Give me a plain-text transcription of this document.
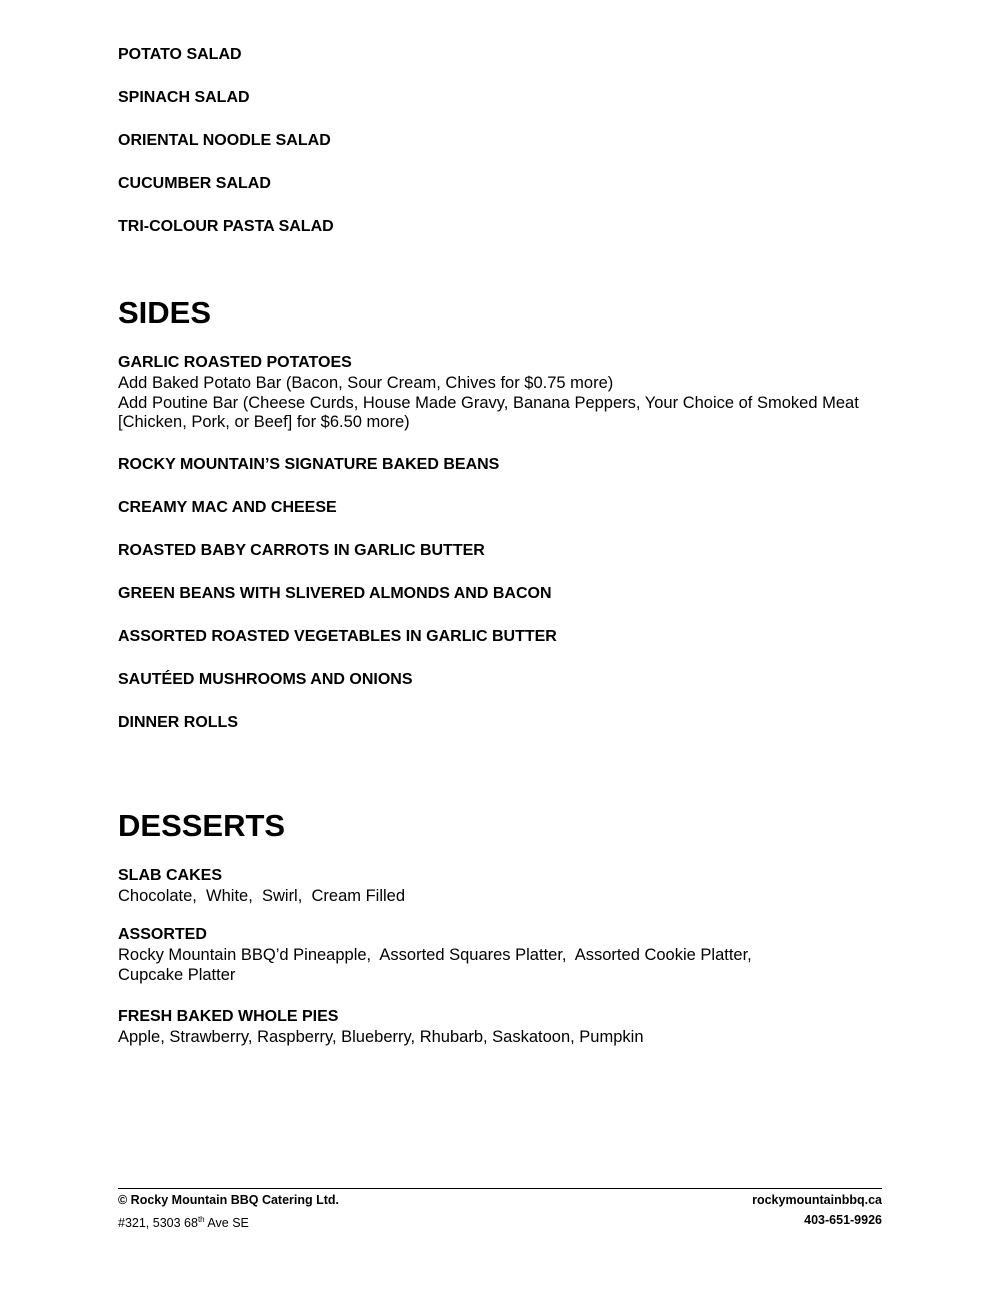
POTATO SALAD
SPINACH SALAD
ORIENTAL NOODLE SALAD
CUCUMBER SALAD
TRI-COLOUR PASTA SALAD
SIDES
GARLIC ROASTED POTATOES
Add Baked Potato Bar (Bacon, Sour Cream, Chives for $0.75 more)
Add Poutine Bar (Cheese Curds, House Made Gravy, Banana Peppers, Your Choice of Smoked Meat
[Chicken, Pork, or Beef] for $6.50 more)
ROCKY MOUNTAIN’S SIGNATURE BAKED BEANS
CREAMY MAC AND CHEESE
ROASTED BABY CARROTS IN GARLIC BUTTER
GREEN BEANS WITH SLIVERED ALMONDS AND BACON
ASSORTED ROASTED VEGETABLES IN GARLIC BUTTER
SAUTÉED MUSHROOMS AND ONIONS
DINNER ROLLS
DESSERTS
SLAB CAKES
Chocolate,  White,  Swirl,  Cream Filled
ASSORTED
Rocky Mountain BBQ’d Pineapple,  Assorted Squares Platter,  Assorted Cookie Platter,
Cupcake Platter
FRESH BAKED WHOLE PIES
Apple, Strawberry, Raspberry, Blueberry, Rhubarb, Saskatoon, Pumpkin
© Rocky Mountain BBQ Catering Ltd.
#321, 5303 68th Ave SE
rockymountainbbq.ca
403-651-9926
